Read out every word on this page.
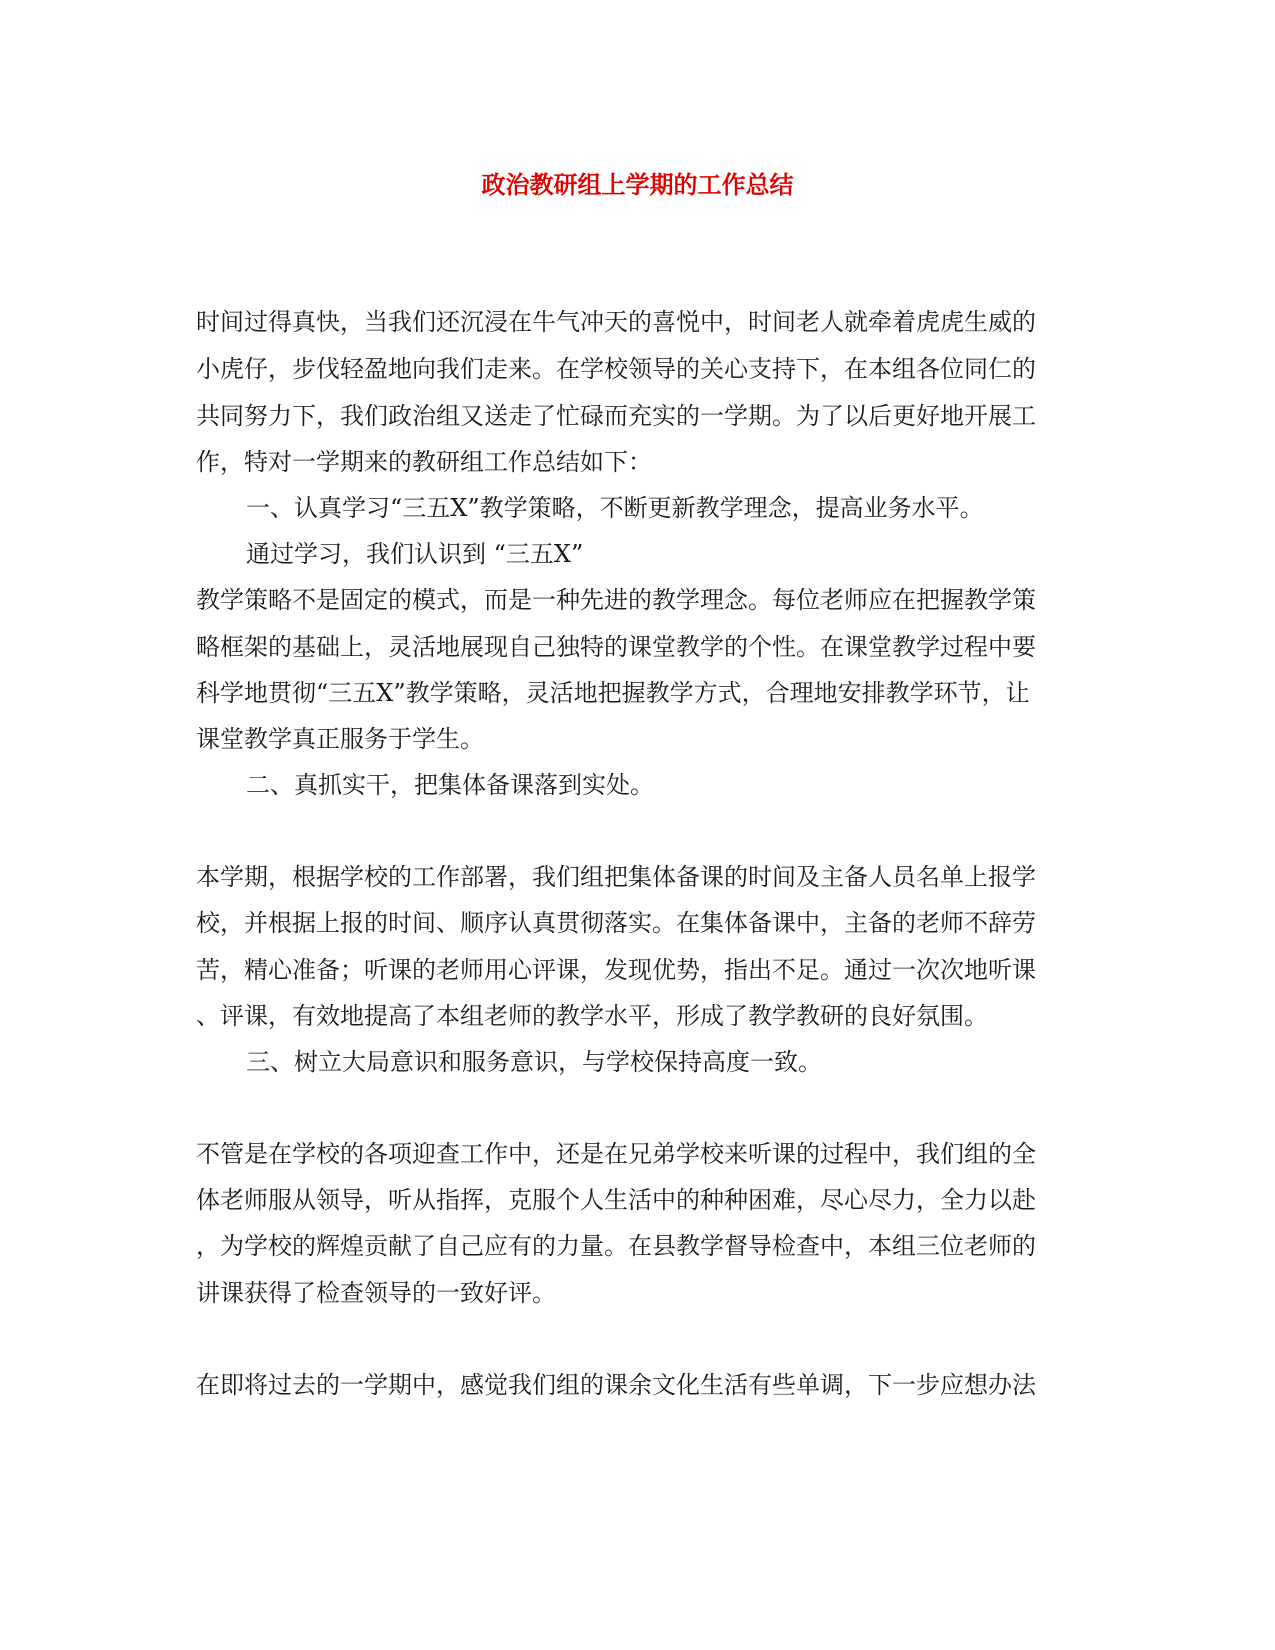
政治教研组上学期的工作总结
时间过得真快，当我们还沉浸在牛气冲天的喜悦中，时间老人就牵着虎虎生威的
小虎仔，步伐轻盈地向我们走来。在学校领导的关心支持下，在本组各位同仁的
共同努力下，我们政治组又送走了忙碌而充实的一学期。为了以后更好地开展工
作，特对一学期来的教研组工作总结如下：
一、认真学习“三五X”教学策略，不断更新教学理念，提高业务水平。
通过学习，我们认识到 “三五X”
教学策略不是固定的模式，而是一种先进的教学理念。每位老师应在把握教学策
略框架的基础上，灵活地展现自己独特的课堂教学的个性。在课堂教学过程中要
科学地贯彻“三五X”教学策略，灵活地把握教学方式，合理地安排教学环节，让
课堂教学真正服务于学生。
二、真抓实干，把集体备课落到实处。
本学期，根据学校的工作部署，我们组把集体备课的时间及主备人员名单上报学
校，并根据上报的时间、顺序认真贯彻落实。在集体备课中，主备的老师不辞劳
苦，精心准备；听课的老师用心评课，发现优势，指出不足。通过一次次地听课
、评课，有效地提高了本组老师的教学水平，形成了教学教研的良好氛围。
三、树立大局意识和服务意识，与学校保持高度一致。
不管是在学校的各项迎查工作中，还是在兄弟学校来听课的过程中，我们组的全
体老师服从领导，听从指挥，克服个人生活中的种种困难，尽心尽力，全力以赴
，为学校的辉煌贡献了自己应有的力量。在县教学督导检查中，本组三位老师的
讲课获得了检查领导的一致好评。
在即将过去的一学期中，感觉我们组的课余文化生活有些单调，下一步应想办法
